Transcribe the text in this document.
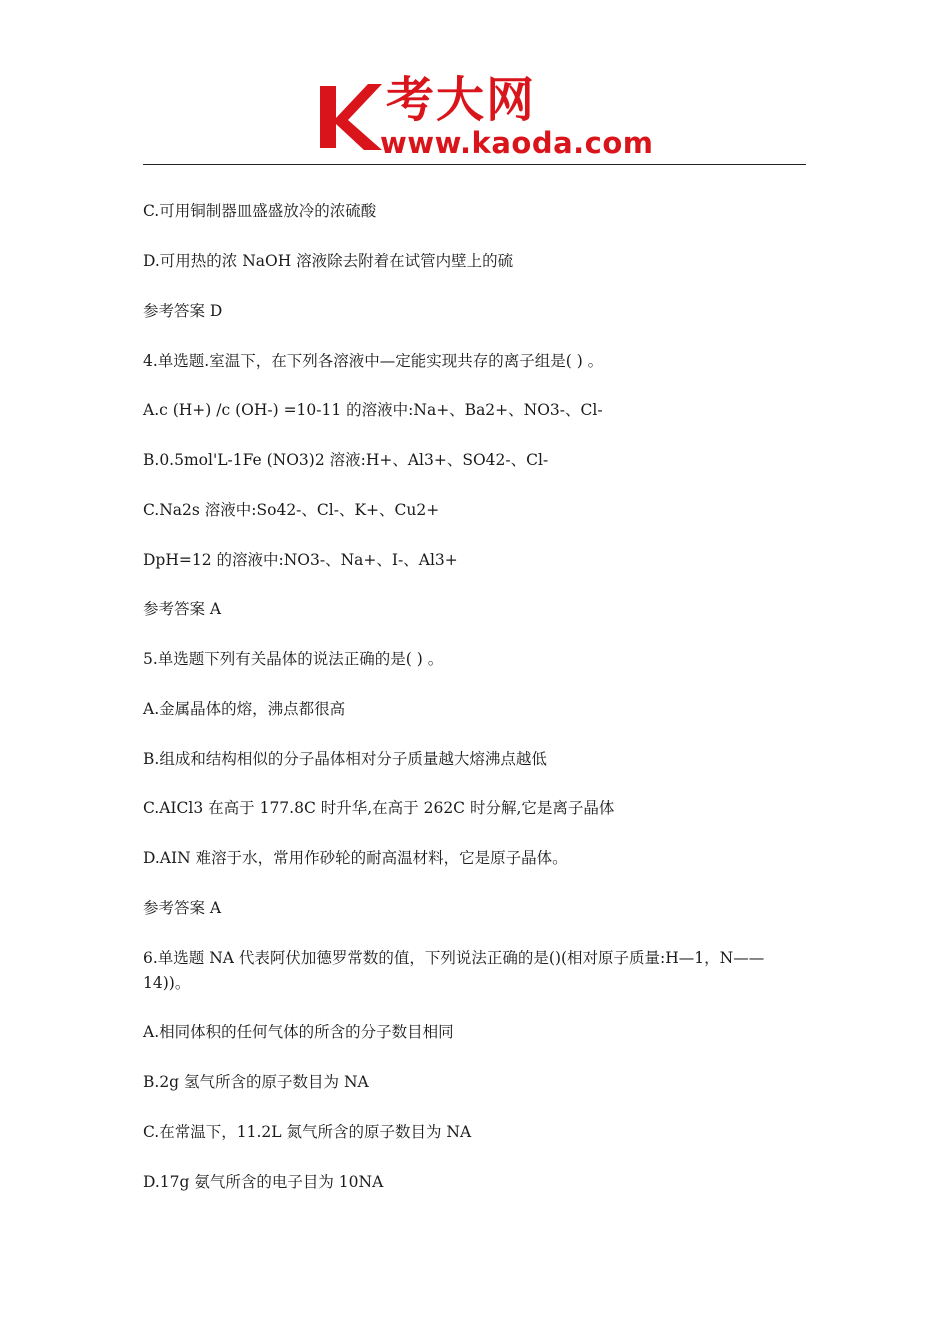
考大网
www.kaoda.com
C.可用铜制器皿盛盛放冷的浓硫酸
D.可用热的浓 NaOH 溶液除去附着在试管内壁上的硫
参考答案 D
4.单选题.室温下，在下列各溶液中—定能实现共存的离子组是( ) 。
A.c (H+) /c (OH-) =10-11 的溶液中:Na+、Ba2+、NO3-、Cl-
B.0.5mol'L-1Fe (NO3)2 溶液:H+、Al3+、SO42-、Cl-
C.Na2s 溶液中:So42-、Cl-、K+、Cu2+
DpH=12 的溶液中:NO3-、Na+、I-、Al3+
参考答案 A
5.单选题下列有关晶体的说法正确的是( ) 。
A.金属晶体的熔，沸点都很高
B.组成和结构相似的分子晶体相对分子质量越大熔沸点越低
C.AICl3 在高于 177.8C 时升华,在高于 262C 时分解,它是离子晶体
D.AIN 难溶于水，常用作砂轮的耐高温材料，它是原子晶体。
参考答案 A
6.单选题 NA 代表阿伏加德罗常数的值，下列说法正确的是()(相对原子质量:H—1，N——14))。
A.相同体积的任何气体的所含的分子数目相同
B.2g 氢气所含的原子数目为 NA
C.在常温下，11.2L 氮气所含的原子数目为 NA
D.17g 氨气所含的电子目为 10NA
